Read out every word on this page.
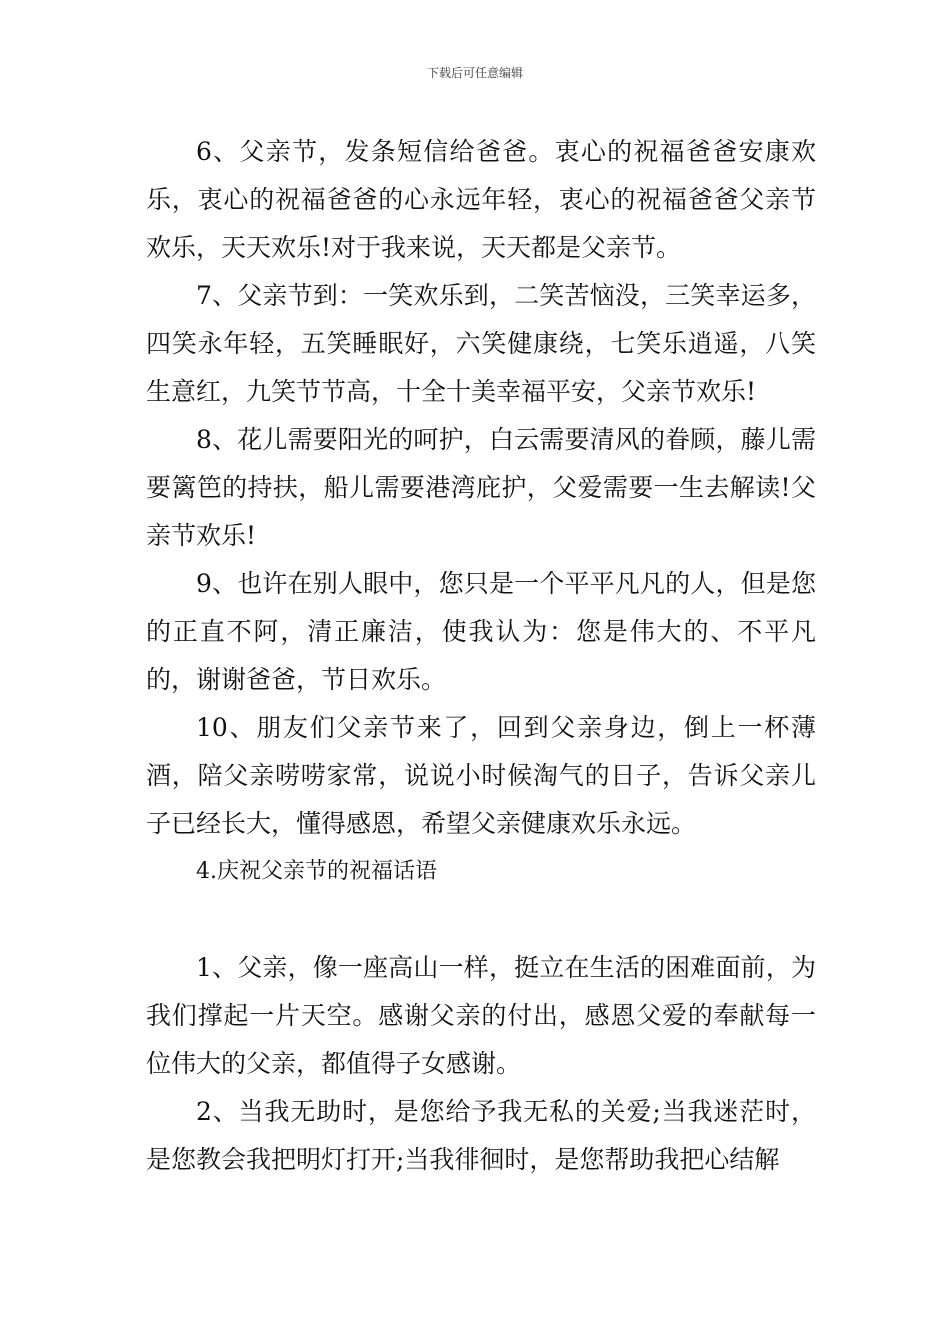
下载后可任意编辑

6、父亲节，发条短信给爸爸。衷心的祝福爸爸安康欢乐，衷心的祝福爸爸的心永远年轻，衷心的祝福爸爸父亲节欢乐，天天欢乐!对于我来说，天天都是父亲节。

7、父亲节到：一笑欢乐到，二笑苦恼没，三笑幸运多，四笑永年轻，五笑睡眠好，六笑健康绕，七笑乐逍遥，八笑生意红，九笑节节高，十全十美幸福平安，父亲节欢乐!

8、花儿需要阳光的呵护，白云需要清风的眷顾，藤儿需要篱笆的持扶，船儿需要港湾庇护，父爱需要一生去解读!父亲节欢乐!

9、也许在别人眼中，您只是一个平平凡凡的人，但是您的正直不阿，清正廉洁，使我认为：您是伟大的、不平凡的，谢谢爸爸，节日欢乐。

10、朋友们父亲节来了，回到父亲身边，倒上一杯薄酒，陪父亲唠唠家常，说说小时候淘气的日子，告诉父亲儿子已经长大，懂得感恩，希望父亲健康欢乐永远。

4.庆祝父亲节的祝福话语

1、父亲，像一座高山一样，挺立在生活的困难面前，为我们撑起一片天空。感谢父亲的付出，感恩父爱的奉献每一位伟大的父亲，都值得子女感谢。

2、当我无助时，是您给予我无私的关爱;当我迷茫时，是您教会我把明灯打开;当我徘徊时，是您帮助我把心结解
